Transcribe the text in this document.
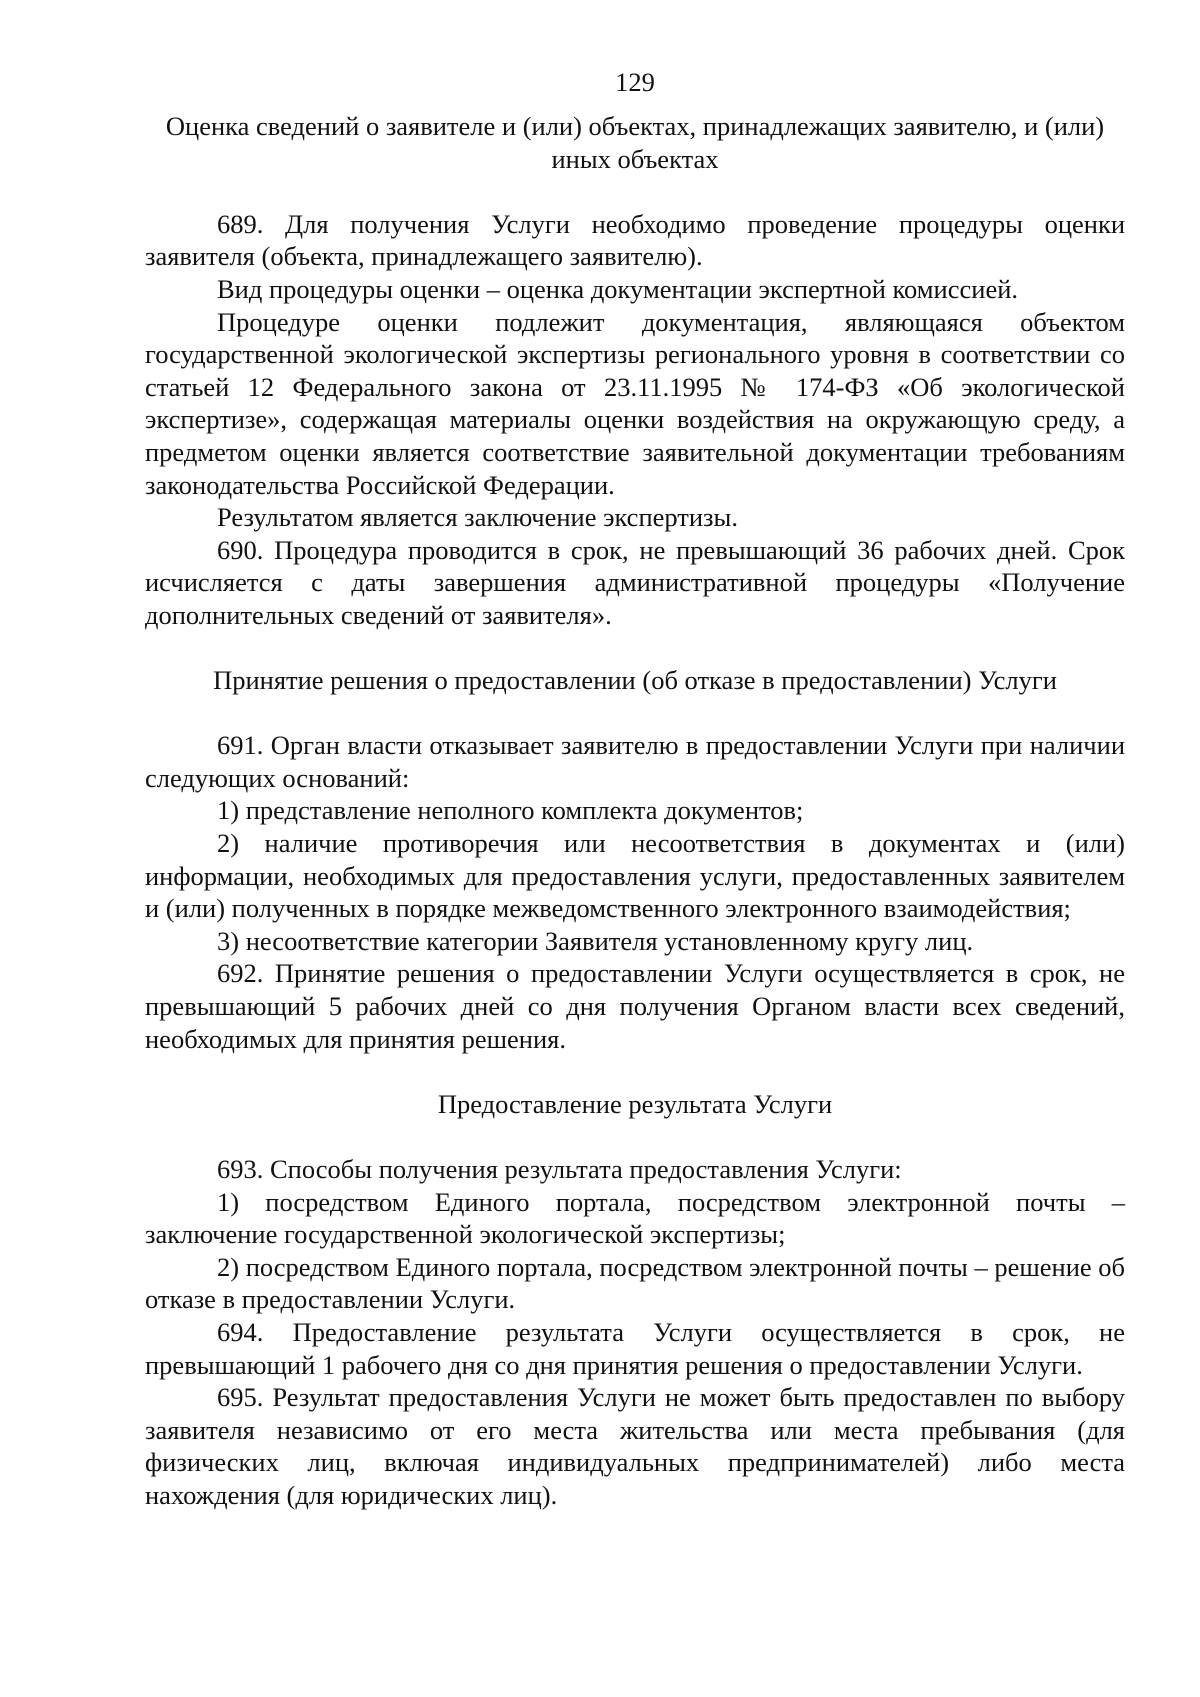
129
Оценка сведений о заявителе и (или) объектах, принадлежащих заявителю, и (или) иных объектах

689. Для получения Услуги необходимо проведение процедуры оценки заявителя (объекта, принадлежащего заявителю).

Вид процедуры оценки – оценка документации экспертной комиссией.

Процедуре оценки подлежит документация, являющаяся объектом государственной экологической экспертизы регионального уровня в соответствии со статьей 12 Федерального закона от 23.11.1995 № 174-ФЗ «Об экологической экспертизе», содержащая материалы оценки воздействия на окружающую среду, а предметом оценки является соответствие заявительной документации требованиям законодательства Российской Федерации.

Результатом является заключение экспертизы.

690. Процедура проводится в срок, не превышающий 36 рабочих дней. Срок исчисляется с даты завершения административной процедуры «Получение дополнительных сведений от заявителя».

Принятие решения о предоставлении (об отказе в предоставлении) Услуги

691. Орган власти отказывает заявителю в предоставлении Услуги при наличии следующих оснований:

1) представление неполного комплекта документов;

2) наличие противоречия или несоответствия в документах и (или) информации, необходимых для предоставления услуги, предоставленных заявителем и (или) полученных в порядке межведомственного электронного взаимодействия;

3) несоответствие категории Заявителя установленному кругу лиц.

692. Принятие решения о предоставлении Услуги осуществляется в срок, не превышающий 5 рабочих дней со дня получения Органом власти всех сведений, необходимых для принятия решения.

Предоставление результата Услуги

693. Способы получения результата предоставления Услуги:

1) посредством Единого портала, посредством электронной почты – заключение государственной экологической экспертизы;

2) посредством Единого портала, посредством электронной почты – решение об отказе в предоставлении Услуги.

694. Предоставление результата Услуги осуществляется в срок, не превышающий 1 рабочего дня со дня принятия решения о предоставлении Услуги.

695. Результат предоставления Услуги не может быть предоставлен по выбору заявителя независимо от его места жительства или места пребывания (для физических лиц, включая индивидуальных предпринимателей) либо места нахождения (для юридических лиц).
